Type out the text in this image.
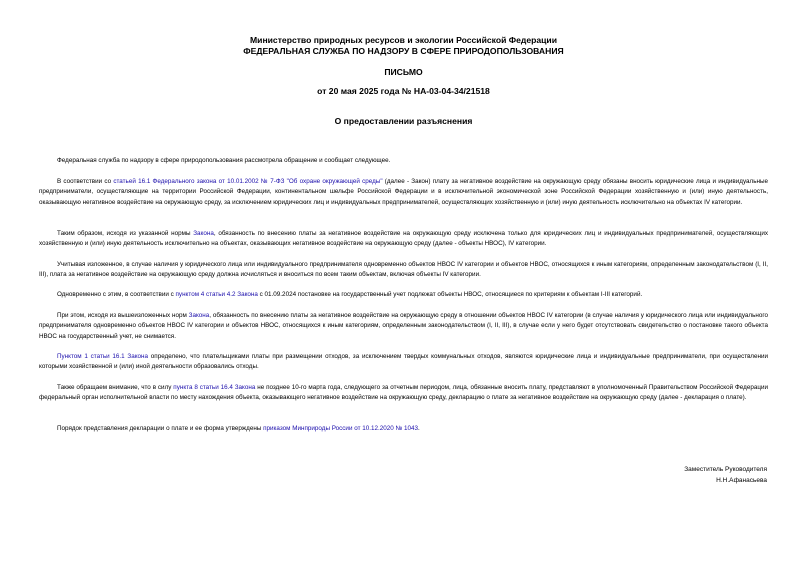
Министерство природных ресурсов и экологии Российской Федерации
ФЕДЕРАЛЬНАЯ СЛУЖБА ПО НАДЗОРУ В СФЕРЕ ПРИРОДОПОЛЬЗОВАНИЯ
ПИСЬМО
от 20 мая 2025 года № НА-03-04-34/21518
О предоставлении разъяснения
Федеральная служба по надзору в сфере природопользования рассмотрела обращение и сообщает следующее.
В соответствии со статьей 16.1 Федерального закона от 10.01.2002 № 7-ФЗ "Об охране окружающей среды" (далее - Закон) плату за негативное воздействие на окружающую среду обязаны вносить юридические лица и индивидуальные предприниматели, осуществляющие на территории Российской Федерации, континентальном шельфе Российской Федерации и в исключительной экономической зоне Российской Федерации хозяйственную и (или) иную деятельность, оказывающую негативное воздействие на окружающую среду, за исключением юридических лиц и индивидуальных предпринимателей, осуществляющих хозяйственную и (или) иную деятельность исключительно на объектах IV категории.
Таким образом, исходя из указанной нормы Закона, обязанность по внесению платы за негативное воздействие на окружающую среду исключена только для юридических лиц и индивидуальных предпринимателей, осуществляющих хозяйственную и (или) иную деятельность исключительно на объектах, оказывающих негативное воздействие на окружающую среду (далее - объекты НВОС), IV категории.
Учитывая изложенное, в случае наличия у юридического лица или индивидуального предпринимателя одновременно объектов НВОС IV категории и объектов НВОС, относящихся к иным категориям, определенным законодательством (I, II, III), плата за негативное воздействие на окружающую среду должна исчисляться и вноситься по всем таким объектам, включая объекты IV категории.
Одновременно с этим, в соответствии с пунктом 4 статьи 4.2 Закона с 01.09.2024 постановке на государственный учет подлежат объекты НВОС, относящиеся по критериям к объектам I-III категорий.
При этом, исходя из вышеизложенных норм Закона, обязанность по внесению платы за негативное воздействие на окружающую среду в отношении объектов НВОС IV категории (в случае наличия у юридического лица или индивидуального предпринимателя одновременно объектов НВОС IV категории и объектов НВОС, относящихся к иным категориям, определенным законодательством (I, II, III), в случае если у него будет отсутствовать свидетельство о постановке такого объекта НВОС на государственный учет, не снимается.
Пунктом 1 статьи 16.1 Закона определено, что плательщиками платы при размещении отходов, за исключением твердых коммунальных отходов, являются юридические лица и индивидуальные предприниматели, при осуществлении которыми хозяйственной и (или) иной деятельности образовались отходы.
Также обращаем внимание, что в силу пункта 8 статьи 16.4 Закона не позднее 10-го марта года, следующего за отчетным периодом, лица, обязанные вносить плату, представляют в уполномоченный Правительством Российской Федерации федеральный орган исполнительной власти по месту нахождения объекта, оказывающего негативное воздействие на окружающую среду, декларацию о плате за негативное воздействие на окружающую среду (далее - декларация о плате).
Порядок представления декларации о плате и ее форма утверждены приказом Минприроды России от 10.12.2020 № 1043.
Заместитель Руководителя
Н.Н.Афанасьева
